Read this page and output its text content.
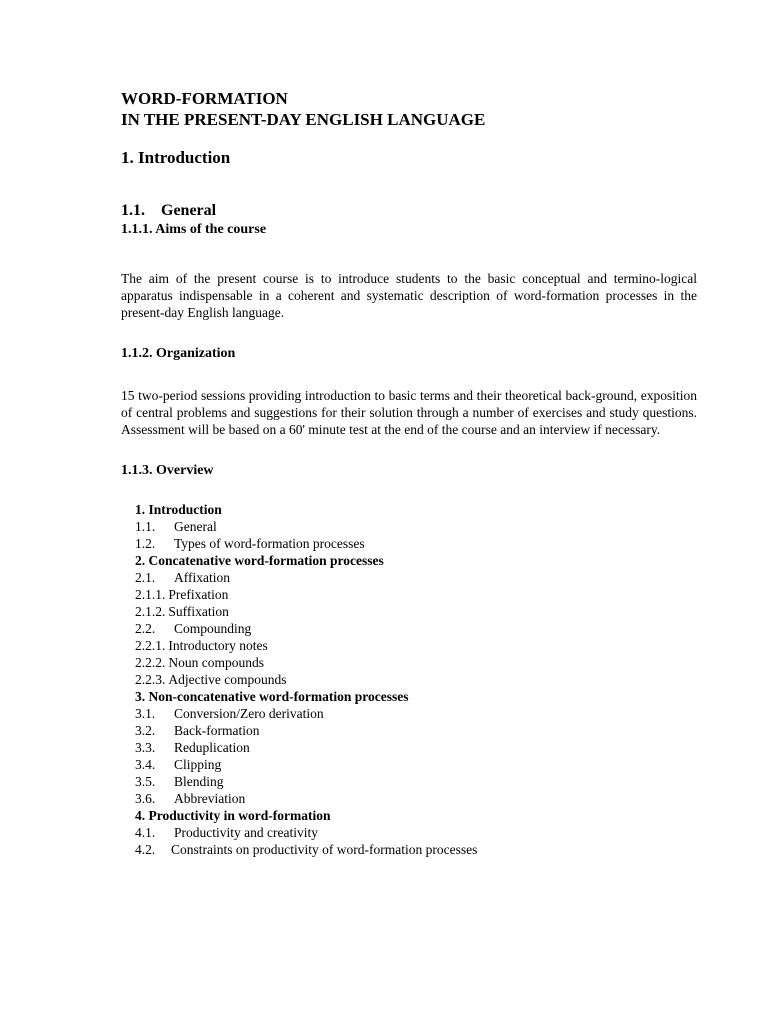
WORD-FORMATION
IN THE PRESENT-DAY ENGLISH LANGUAGE
1. Introduction
1.1. General
1.1.1. Aims of the course

The aim of the present course is to introduce students to the basic conceptual and termino-logical apparatus indispensable in a coherent and systematic description of word-formation processes in the present-day English language.

1.1.2. Organization

15 two-period sessions providing introduction to basic terms and their theoretical back-ground, exposition of central problems and suggestions for their solution through a number of exercises and study questions. Assessment will be based on a 60' minute test at the end of the course and an interview if necessary.

1.1.3. Overview
1. Introduction
1.1. General
1.2. Types of word-formation processes
2. Concatenative word-formation processes
2.1. Affixation
2.1.1. Prefixation
2.1.2. Suffixation
2.2. Compounding
2.2.1. Introductory notes
2.2.2. Noun compounds
2.2.3. Adjective compounds
3. Non-concatenative word-formation processes
3.1. Conversion/Zero derivation
3.2. Back-formation
3.3. Reduplication
3.4. Clipping
3.5. Blending
3.6. Abbreviation
4. Productivity in word-formation
4.1. Productivity and creativity
4.2. Constraints on productivity of word-formation processes
